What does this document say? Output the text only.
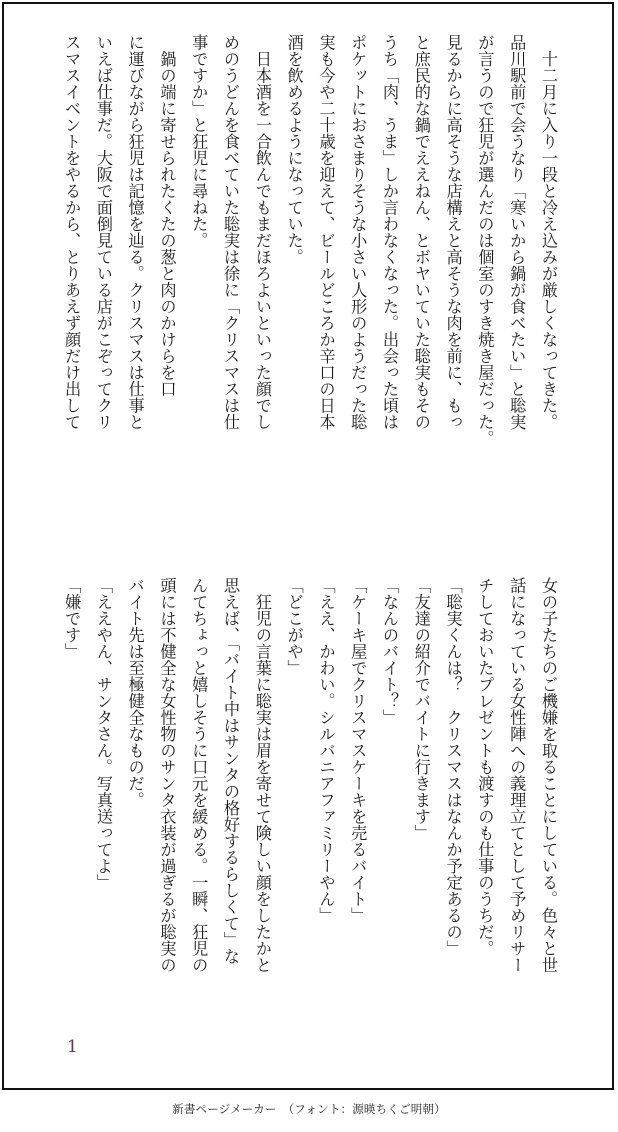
　十二月に入り一段と冷え込みが厳しくなってきた。

品川駅前で会うなり「寒いから鍋が食べたい」と聡実

が言うので狂児が選んだのは個室のすき焼き屋だった。

見るからに高そうな店構えと高そうな肉を前に、もっ

と庶民的な鍋でええねん、とボヤいていた聡実もその

うち「肉、うま」しか言わなくなった。出会った頃は

ポケットにおさまりそうな小さい人形のようだった聡

実も今や二十歳を迎えて、ビールどころか辛口の日本

酒を飲めるようになっていた。

　日本酒を一合飲んでもまだほろよいといった顔でし

めのうどんを食べていた聡実は徐に「クリスマスは仕

事ですか」と狂児に尋ねた。

　鍋の端に寄せられたくたの葱と肉のかけらを口

に運びながら狂児は記憶を辿る。クリスマスは仕事と

いえば仕事だ。大阪で面倒見ている店がこぞってクリ

スマスイベントをやるから、とりあえず顔だけ出して

女の子たちのご機嫌を取ることにしている。色々と世

話になっている女性陣への義理立てとして予めリサー

チしておいたプレゼントも渡すのも仕事のうちだ。

「聡実くんは？　クリスマスはなんか予定あるの」

「友達の紹介でバイトに行きます」

「なんのバイト？」

「ケーキ屋でクリスマスケーキを売るバイト」

「ええ、かわい。シルバニアファミリーやん」

「どこがや」

　狂児の言葉に聡実は眉を寄せて険しい顔をしたかと

思えば、「バイト中はサンタの格好するらしくて」な

んてちょっと嬉しそうに口元を緩める。一瞬、狂児の

頭には不健全な女性物のサンタ衣装が過ぎるが聡実の

バイト先は至極健全なものだ。

「ええやん、サンタさん。写真送ってよ」

「嫌です」

1
新書ページメーカー　（フォント：源暎ちくご明朝）
